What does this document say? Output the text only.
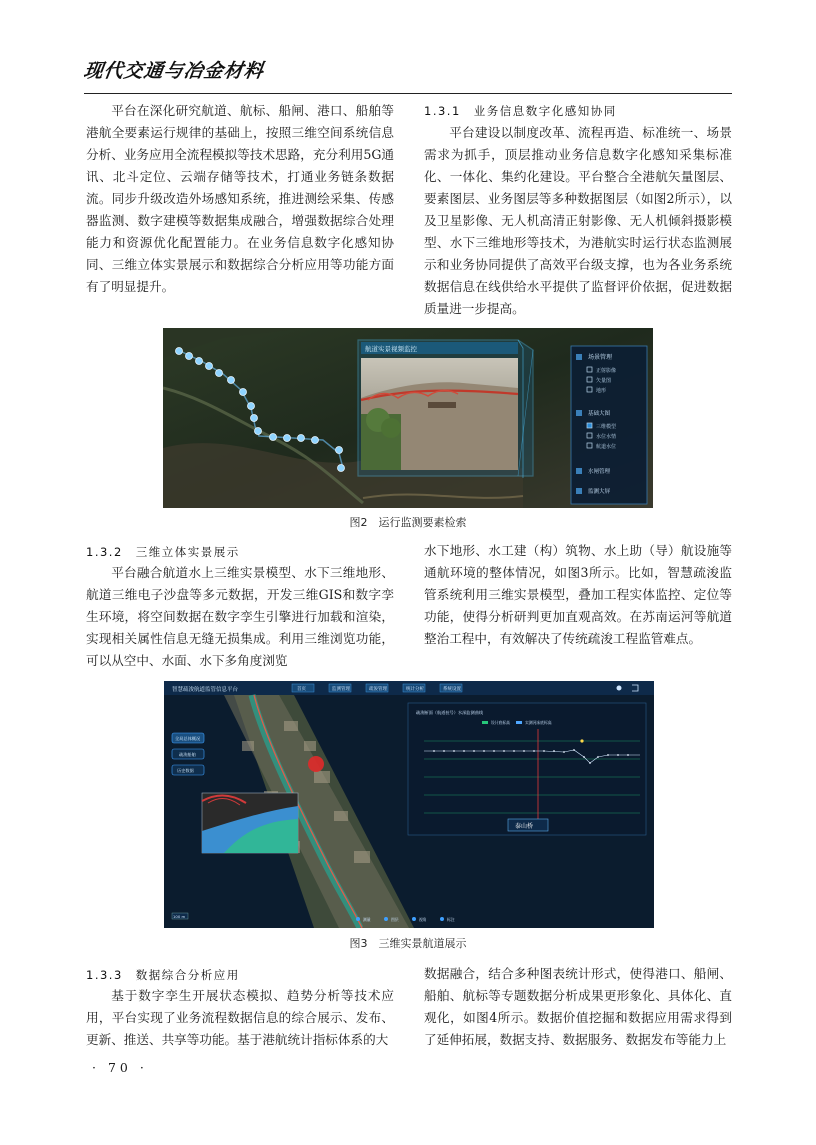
现代交通与冶金材料

平台在深化研究航道、航标、船闸、港口、船舶等港航全要素运行规律的基础上，按照三维空间系统信息分析、业务应用全流程模拟等技术思路，充分利用5G通讯、北斗定位、云端存储等技术，打通业务链条数据流。同步升级改造外场感知系统，推进测绘采集、传感器监测、数字建模等数据集成融合，增强数据综合处理能力和资源优化配置能力。在业务信息数字化感知协同、三维立体实景展示和数据综合分析应用等功能方面有了明显提升。

1.3.1　业务信息数字化感知协同

平台建设以制度改革、流程再造、标准统一、场景需求为抓手，顶层推动业务信息数字化感知采集标准化、一体化、集约化建设。平台整合全港航矢量图层、要素图层、业务图层等多种数据图层（如图2所示），以及卫星影像、无人机高清正射影像、无人机倾斜摄影模型、水下三维地形等技术，为港航实时运行状态监测展示和业务协同提供了高效平台级支撑，也为各业务系统数据信息在线供给水平提供了监督评价依据，促进数据质量进一步提高。

航道实景视频监控
场景管理
正射影像
矢量图
地形
基础大图
三维模型
水位水情
航道水位
水闸管理
监测大屏
图2　运行监测要素检索
1.3.2　三维立体实景展示

平台融合航道水上三维实景模型、水下三维地形、航道三维电子沙盘等多元数据，开发三维GIS和数字孪生环境，将空间数据在数字孪生引擎进行加载和渲染，实现相关属性信息无缝无损集成。利用三维浏览功能，可以从空中、水面、水下多角度浏览

水下地形、水工建（构）筑物、水上助（导）航设施等通航环境的整体情况，如图3所示。比如，智慧疏浚监管系统利用三维实景模型，叠加工程实体监控、定位等功能，使得分析研判更加直观高效。在苏南运河等航道整治工程中，有效解决了传统疏浚工程监管难点。

智慧疏浚航道监管信息平台	首页	监测管理	疏浚管理	统计分析	系统设置
全局总体概况
疏浚船舶
历史数据
疏浚断面（航道桩号）水深监测曲线
设计底标高	实测河床底标高
泰山桥
100 m
测量	图层	视角	标注
图3　三维实景航道展示
1.3.3　数据综合分析应用

基于数字孪生开展状态模拟、趋势分析等技术应用，平台实现了业务流程数据信息的综合展示、发布、更新、推送、共享等功能。基于港航统计指标体系的大

数据融合，结合多种图表统计形式，使得港口、船闸、船舶、航标等专题数据分析成果更形象化、具体化、直观化，如图4所示。数据价值挖掘和数据应用需求得到了延伸拓展，数据支持、数据服务、数据发布等能力上

· 70 ·
